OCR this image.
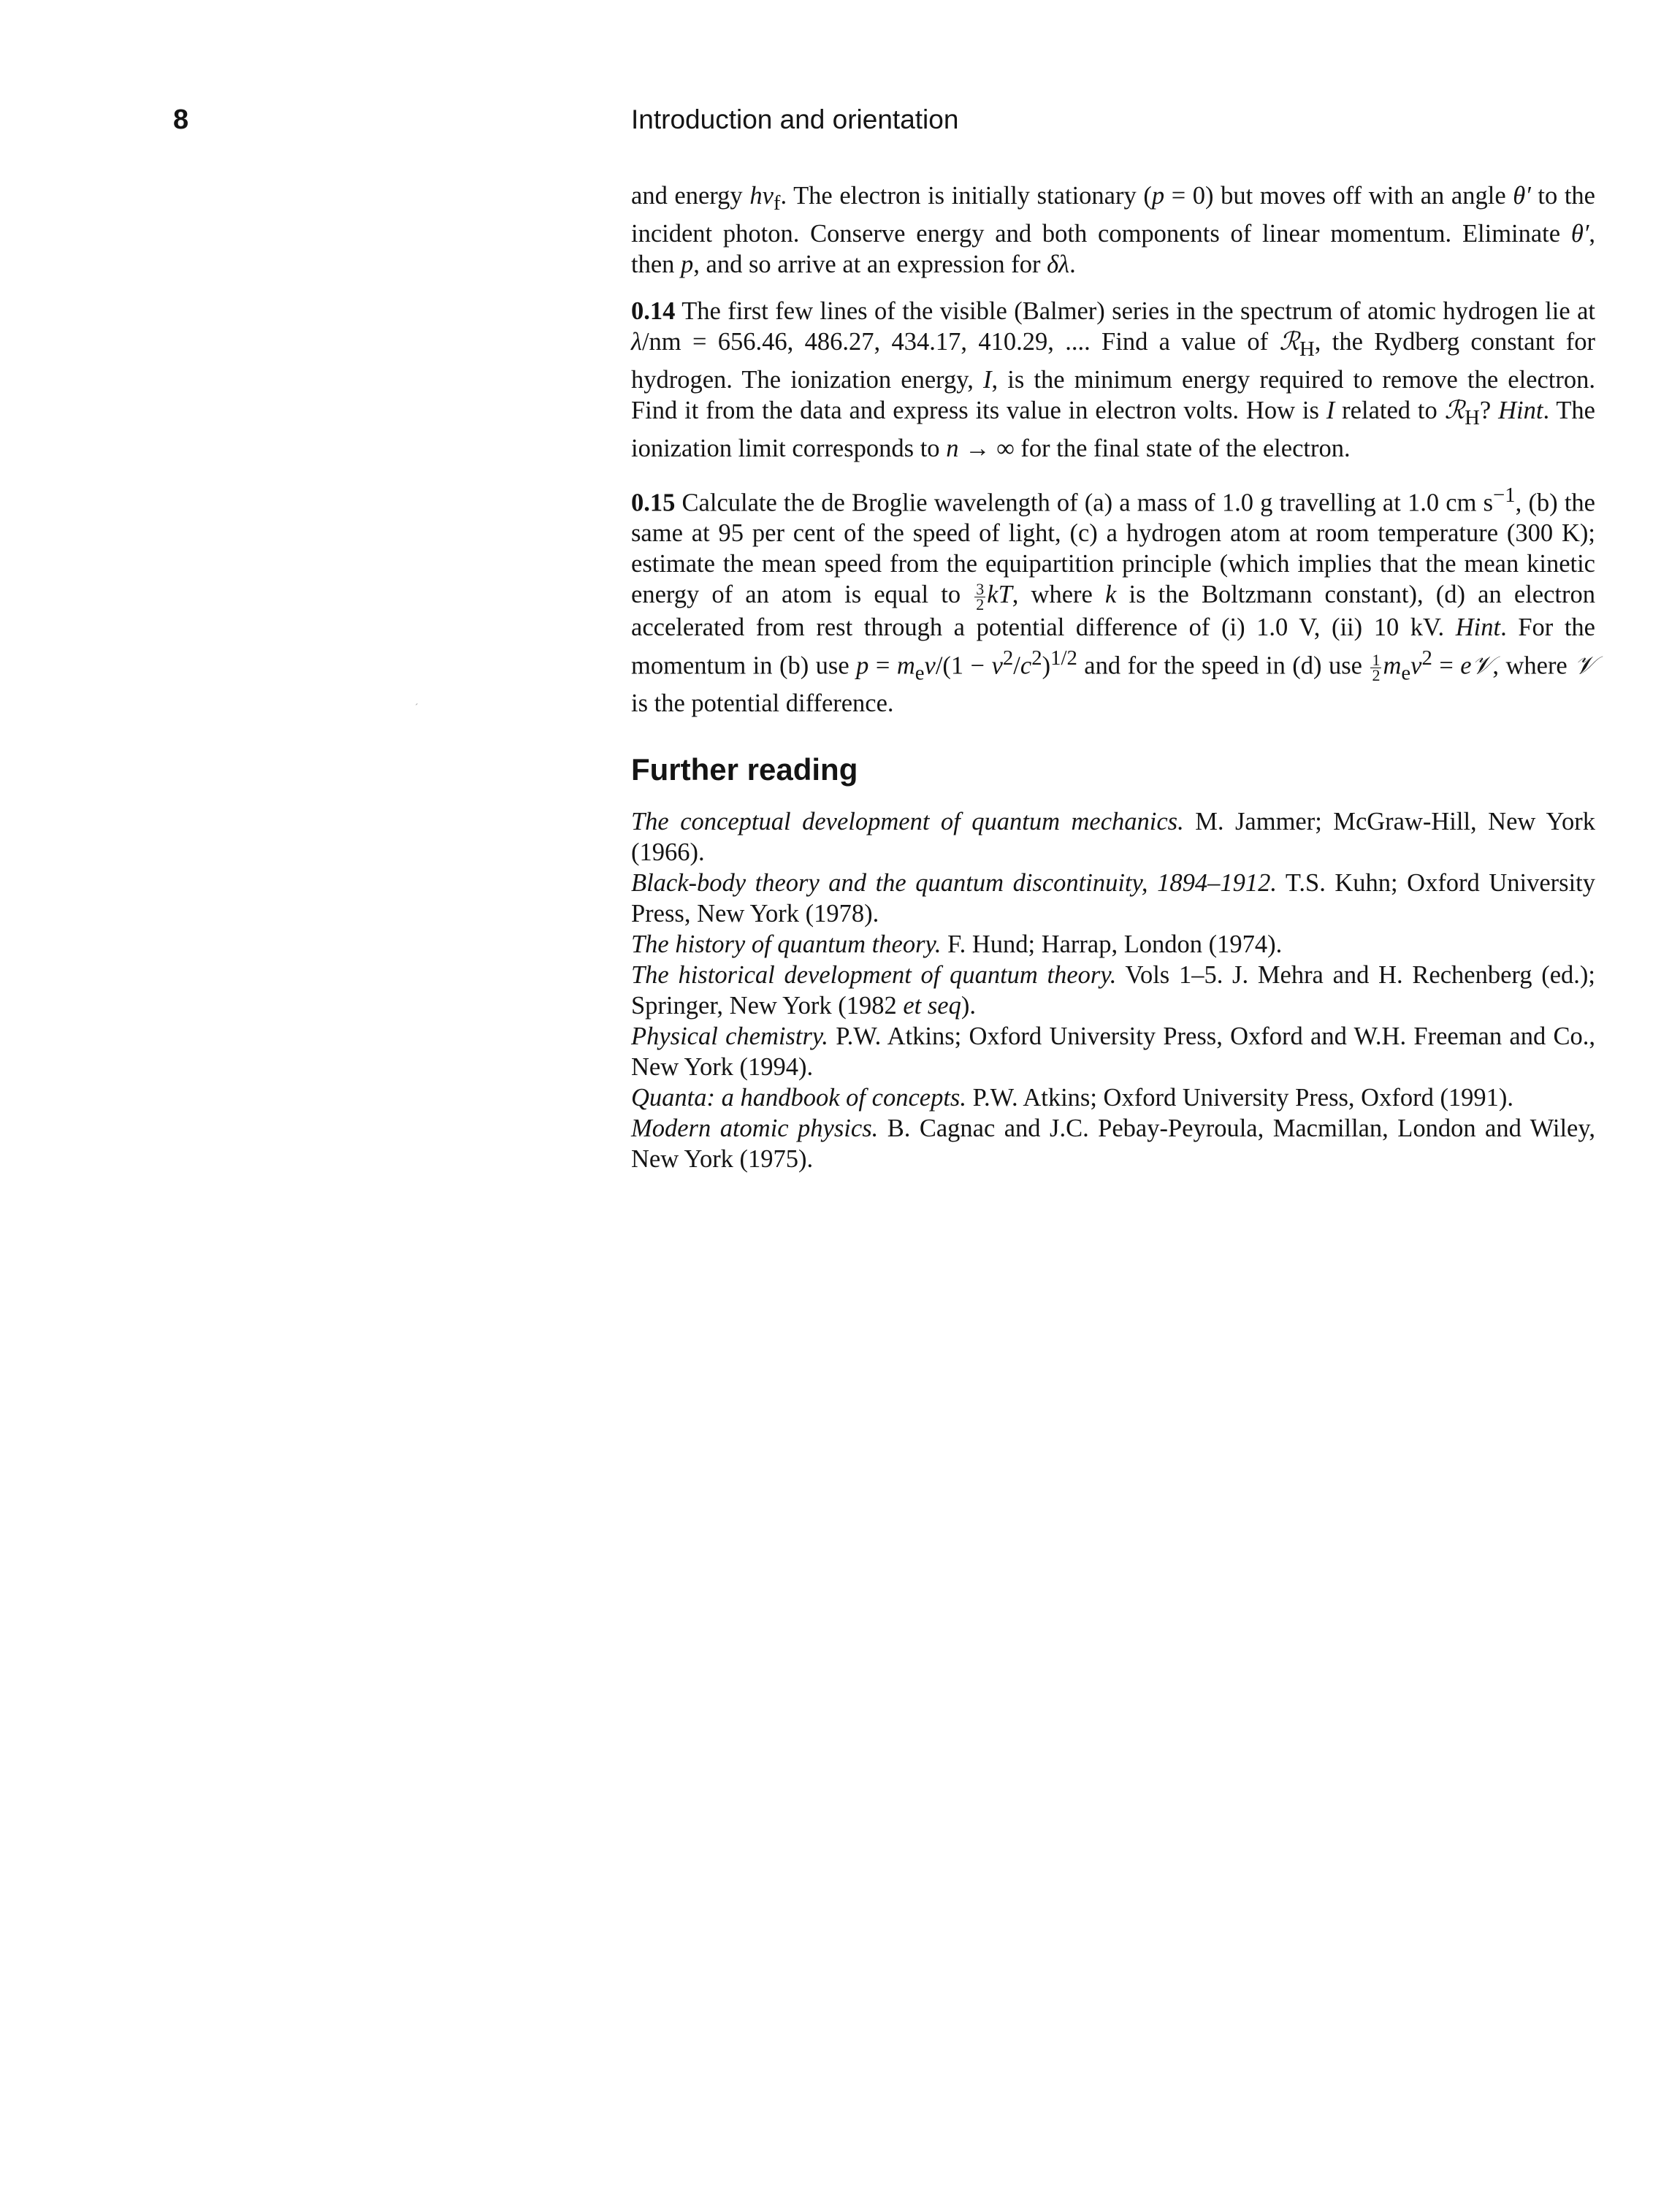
8	Introduction and orientation
´

and energy $h\nu_f$. The electron is initially stationary (p = 0) but moves off with an angle θ′ to the incident photon. Conserve energy and both components of linear momentum. Eliminate θ′, then p, and so arrive at an expression for δλ.

0.14 The first few lines of the visible (Balmer) series in the spectrum of atomic hydrogen lie at λ/nm = 656.46, 486.27, 434.17, 410.29, .... Find a value of ℛ$_H$, the Rydberg constant for hydrogen. The ionization energy, I, is the minimum energy required to remove the electron. Find it from the data and express its value in electron volts. How is I related to ℛ$_H$? Hint. The ionization limit corresponds to n → ∞ for the final state of the electron.

0.15 Calculate the de Broglie wavelength of (a) a mass of 1.0 g travelling at 1.0 cm $s^{-1}$, (b) the same at 95 per cent of the speed of light, (c) a hydrogen atom at room temperature (300 K); estimate the mean speed from the equipartition principle (which implies that the mean kinetic energy of an atom is equal to $\frac{3}{2}$ kT, where k is the Boltzmann constant), (d) an electron accelerated from rest through a potential difference of (i) 1.0 V, (ii) 10 kV. Hint. For the momentum in (b) use $p = m_ev/(1 - v^2/c^2)^{1/2}$ and for the speed in (d) use $\frac{1}{2} m_ev^2$ = e𝒱, where 𝒱 is the potential difference.

Further reading

The conceptual development of quantum mechanics. M. Jammer; McGraw-Hill, New York (1966).

Black-body theory and the quantum discontinuity, 1894–1912. T.S. Kuhn; Oxford University Press, New York (1978).

The history of quantum theory. F. Hund; Harrap, London (1974).

The historical development of quantum theory. Vols 1–5. J. Mehra and H. Rechenberg (ed.); Springer, New York (1982 et seq).

Physical chemistry. P.W. Atkins; Oxford University Press, Oxford and W.H. Freeman and Co., New York (1994).

Quanta: a handbook of concepts. P.W. Atkins; Oxford University Press, Oxford (1991).

Modern atomic physics. B. Cagnac and J.C. Pebay-Peyroula, Macmillan, London and Wiley, New York (1975).
